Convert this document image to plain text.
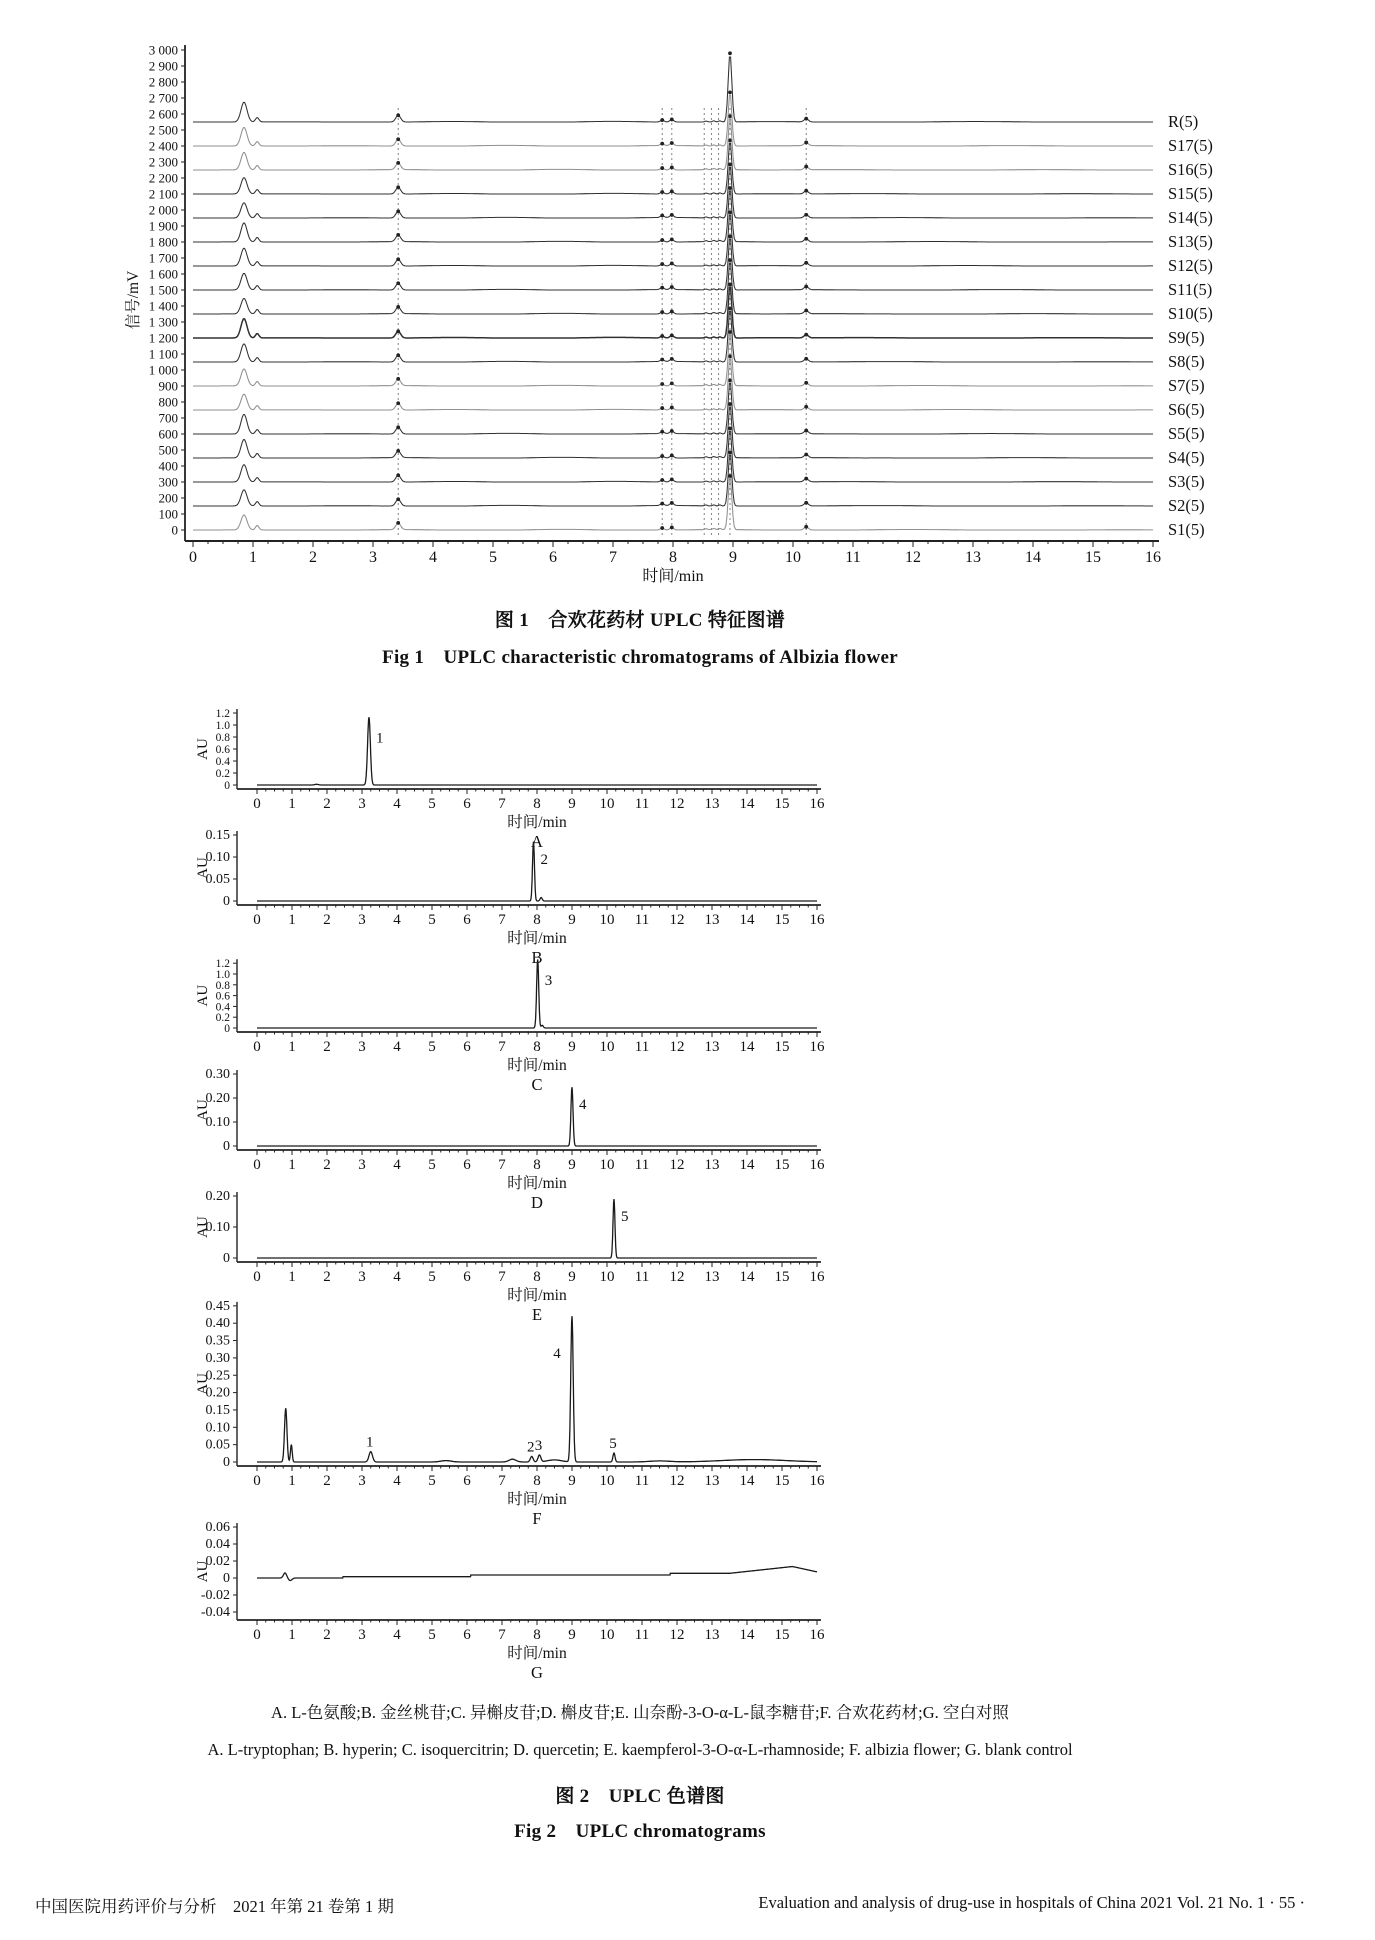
0
100
200
300
400
500
600
700
800
900
1 000
1 100
1 200
1 300
1 400
1 500
1 600
1 700
1 800
1 900
2 000
2 100
2 200
2 300
2 400
2 500
2 600
2 700
2 800
2 900
3 000
信号/mV
0	1	2	3	4	5	6	7	8	9	10	11	12	13	14	15	16
时间/min
S1(5)
S2(5)
S3(5)
S4(5)
S5(5)
S6(5)
S7(5)
S8(5)
S9(5)
S10(5)
S11(5)
S12(5)
S13(5)
S14(5)
S15(5)
S16(5)
S17(5)
R(5)
0
0.2
0.4
0.6
0.8
1.0
1.2
AU
0 1 2 3 4 5 6 7 8 9 10 11 12 13 14 15 16
时间/min
A
1
0
0.05
0.10
0.15
AU
0 1 2 3 4 5 6 7 8 9 10 11 12 13 14 15 16
时间/min
B
2
0
0.2
0.4
0.6
0.8
1.0
1.2
AU
0 1 2 3 4 5 6 7 8 9 10 11 12 13 14 15 16
时间/min
C
3
0
0.10
0.20
0.30
AU
0 1 2 3 4 5 6 7 8 9 10 11 12 13 14 15 16
时间/min
D
4
0
0.10
0.20
AU
0 1 2 3 4 5 6 7 8 9 10 11 12 13 14 15 16
时间/min
E
5
0
0.05
0.10
0.15
0.20
0.25
0.30
0.35
0.40
0.45
AU
0 1 2 3 4 5 6 7 8 9 10 11 12 13 14 15 16
时间/min
F
1	2 3
4
5
-0.04
-0.02
0
0.02
0.04
0.06
AU
0 1 2 3 4 5 6 7 8 9 10 11 12 13 14 15 16
时间/min
G
图 1　合欢花药材 UPLC 特征图谱
Fig 1　UPLC characteristic chromatograms of Albizia flower
A. L-色氨酸;B. 金丝桃苷;C. 异槲皮苷;D. 槲皮苷;E. 山奈酚-3-O-α-L-鼠李糖苷;F. 合欢花药材;G. 空白对照
A. L-tryptophan; B. hyperin; C. isoquercitrin; D. quercetin; E. kaempferol-3-O-α-L-rhamnoside; F. albizia flower; G. blank control
图 2　UPLC 色谱图
Fig 2　UPLC chromatograms
中国医院用药评价与分析　2021 年第 21 卷第 1 期	Evaluation and analysis of drug-use in hospitals of China 2021 Vol. 21 No. 1 · 55 ·
